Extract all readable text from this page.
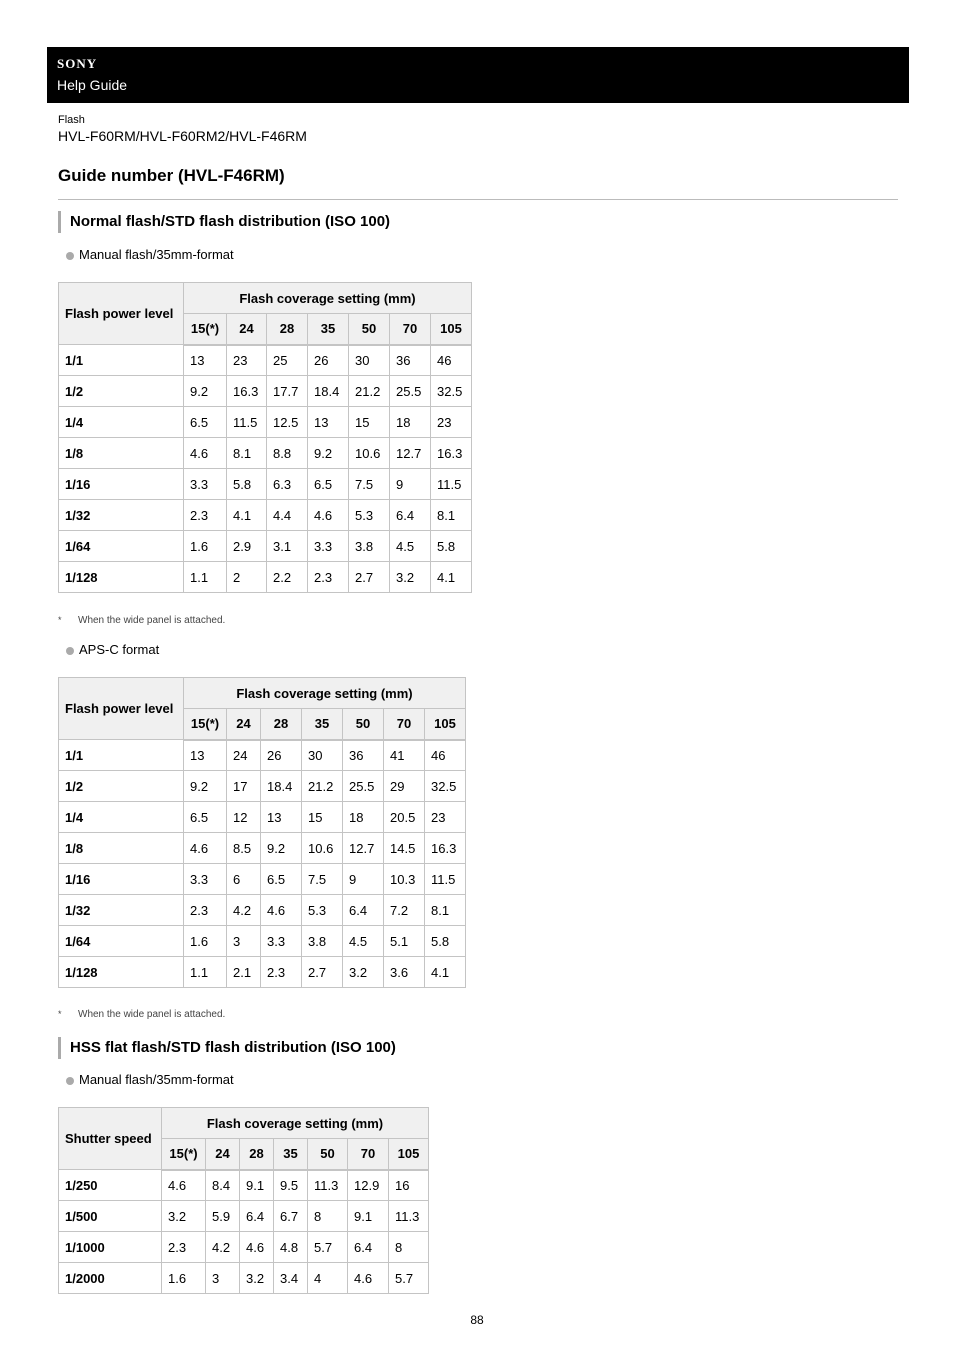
SONY
Help Guide
Flash
HVL-F60RM/HVL-F60RM2/HVL-F46RM
Guide number (HVL-F46RM)
Normal flash/STD flash distribution (ISO 100)
Manual flash/35mm-format
Flash power level	Flash coverage setting (mm)						
	15(*)	24	28	35	50	70	105
1/1	13	23	25	26	30	36	46
1/2	9.2	16.3	17.7	18.4	21.2	25.5	32.5
1/4	6.5	11.5	12.5	13	15	18	23
1/8	4.6	8.1	8.8	9.2	10.6	12.7	16.3
1/16	3.3	5.8	6.3	6.5	7.5	9	11.5
1/32	2.3	4.1	4.4	4.6	5.3	6.4	8.1
1/64	1.6	2.9	3.1	3.3	3.8	4.5	5.8
1/128	1.1	2	2.2	2.3	2.7	3.2	4.1
* When the wide panel is attached.
APS-C format
Flash power level	Flash coverage setting (mm)						
	15(*)	24	28	35	50	70	105
1/1	13	24	26	30	36	41	46
1/2	9.2	17	18.4	21.2	25.5	29	32.5
1/4	6.5	12	13	15	18	20.5	23
1/8	4.6	8.5	9.2	10.6	12.7	14.5	16.3
1/16	3.3	6	6.5	7.5	9	10.3	11.5
1/32	2.3	4.2	4.6	5.3	6.4	7.2	8.1
1/64	1.6	3	3.3	3.8	4.5	5.1	5.8
1/128	1.1	2.1	2.3	2.7	3.2	3.6	4.1
* When the wide panel is attached.
HSS flat flash/STD flash distribution (ISO 100)
Manual flash/35mm-format
Shutter speed	Flash coverage setting (mm)						
	15(*)	24	28	35	50	70	105
1/250	4.6	8.4	9.1	9.5	11.3	12.9	16
1/500	3.2	5.9	6.4	6.7	8	9.1	11.3
1/1000	2.3	4.2	4.6	4.8	5.7	6.4	8
1/2000	1.6	3	3.2	3.4	4	4.6	5.7
88
